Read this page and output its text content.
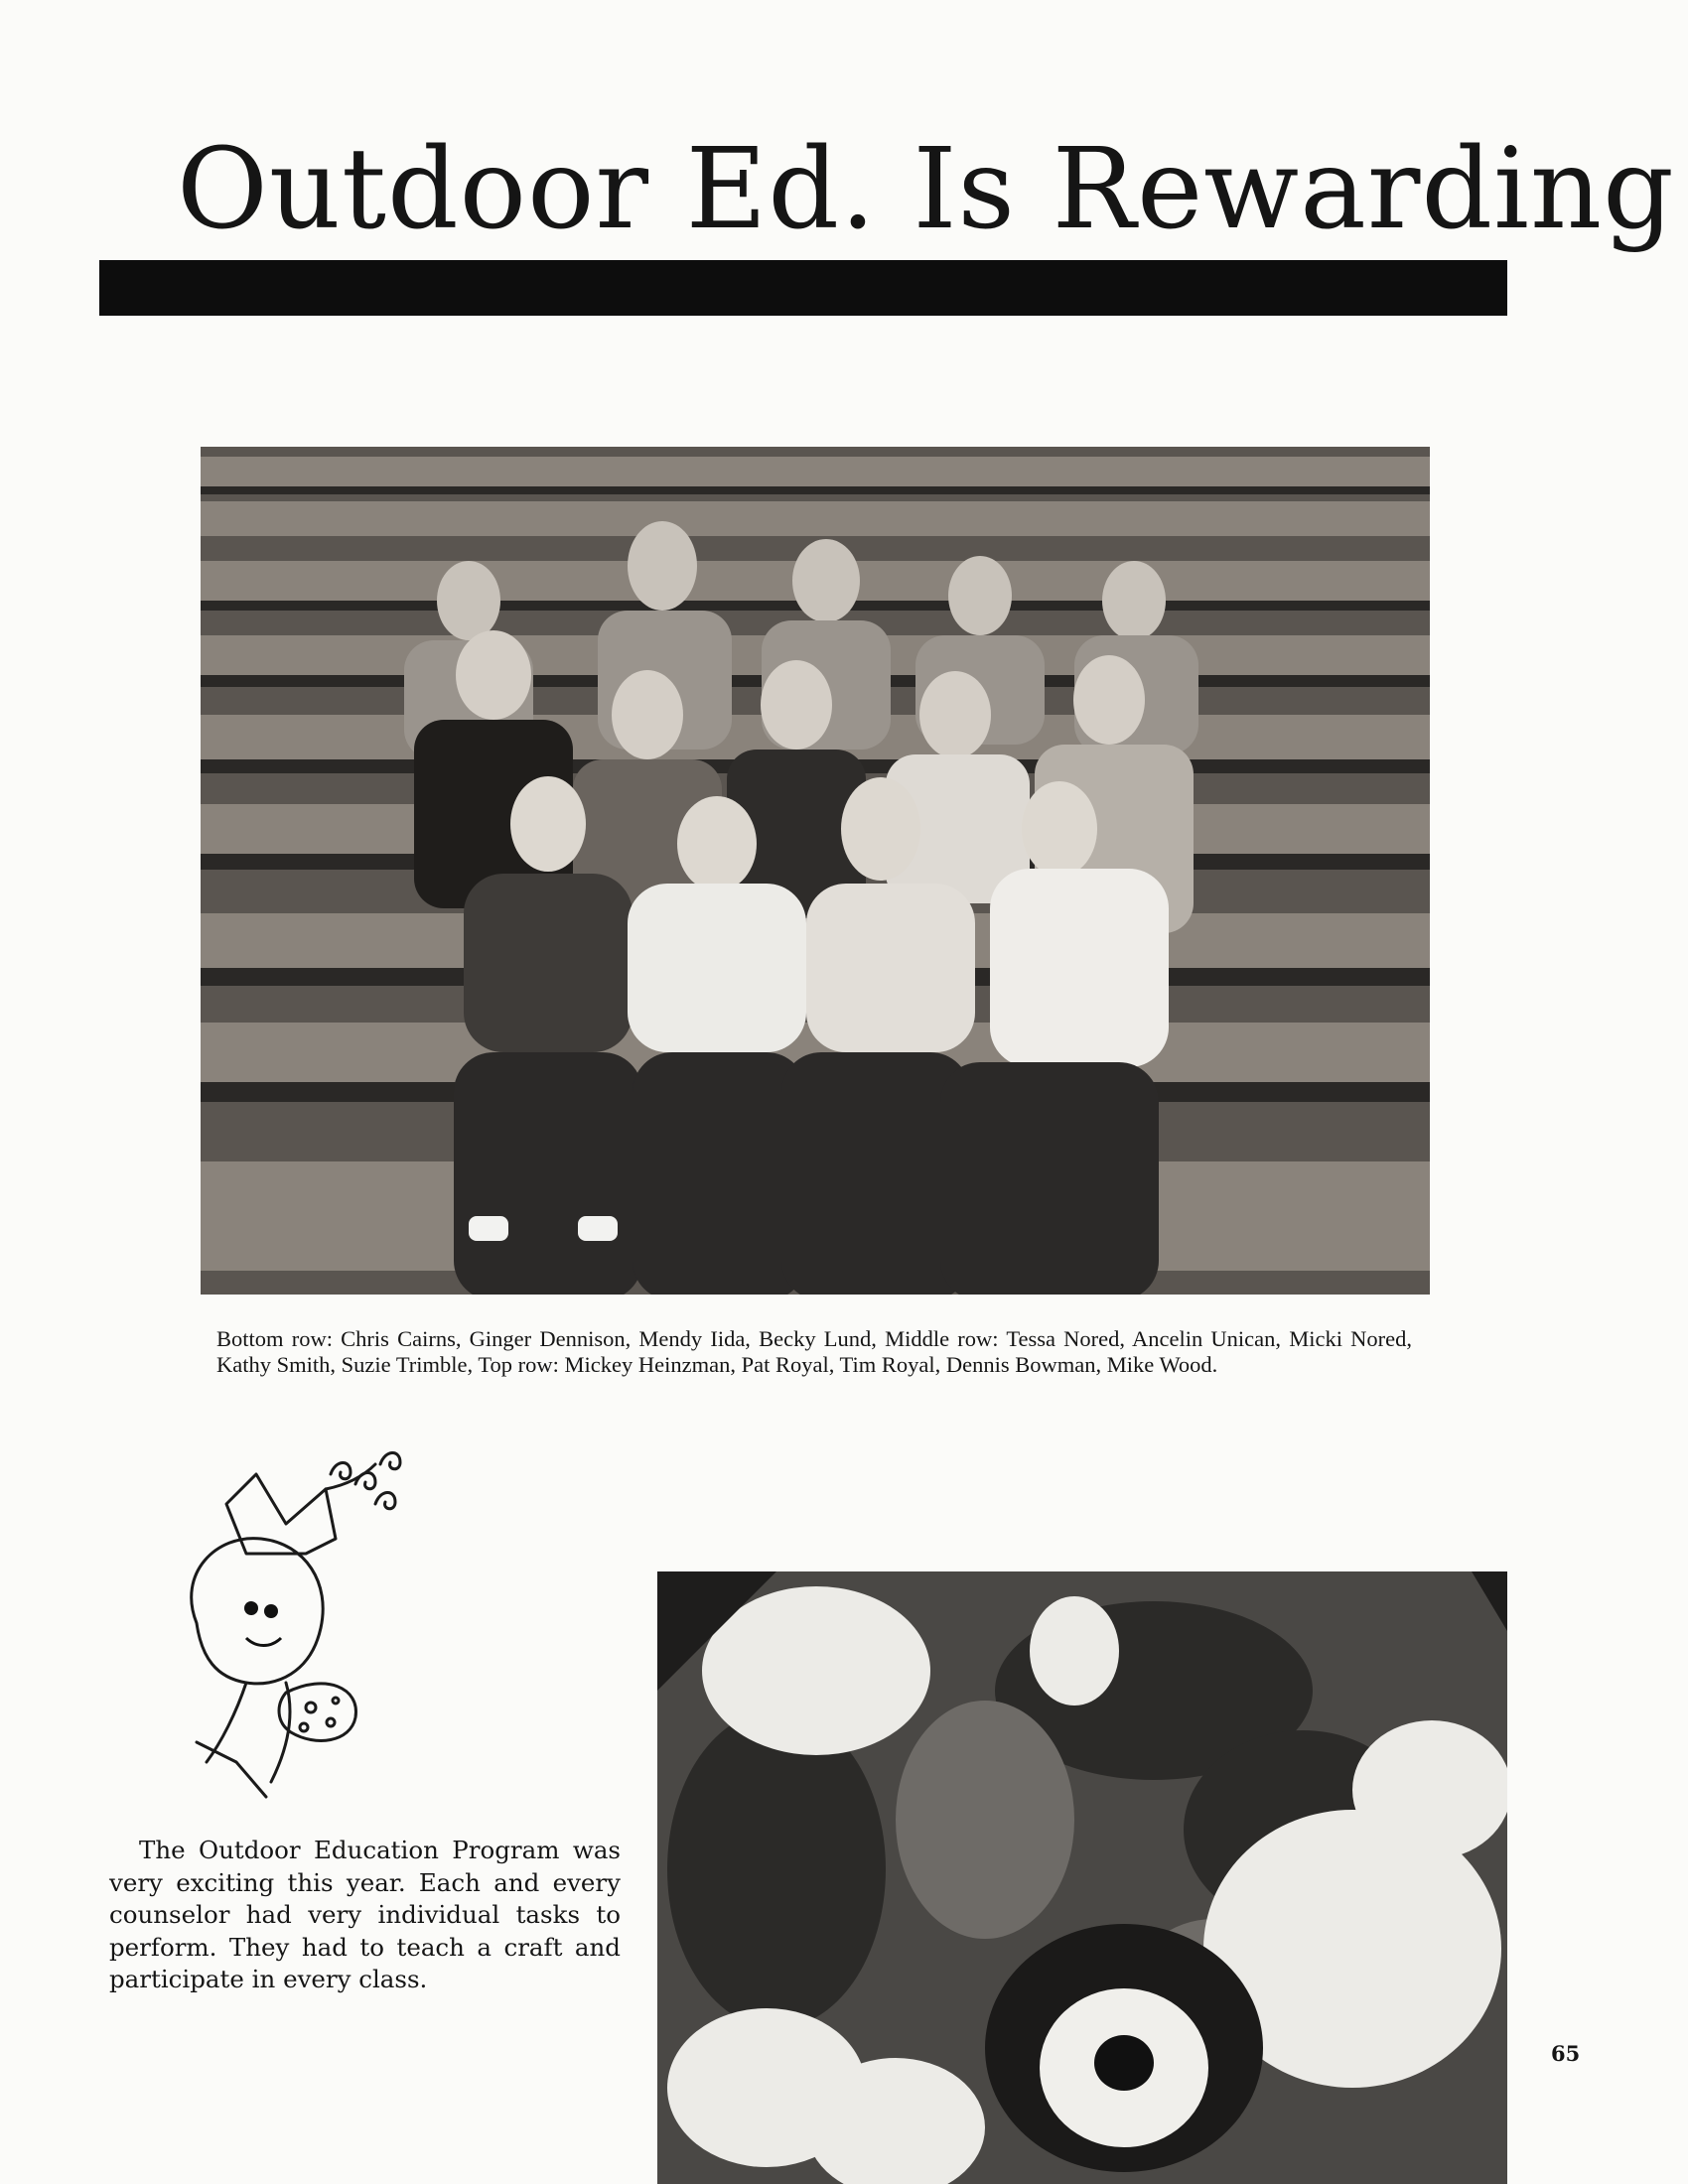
Outdoor Ed. Is Rewarding
Bottom row: Chris Cairns, Ginger Dennison, Mendy Iida, Becky Lund, Middle row: Tessa Nored, Ancelin Unican, Micki Nored, Kathy Smith, Suzie Trimble, Top row: Mickey Heinzman, Pat Royal, Tim Royal, Dennis Bowman, Mike Wood.
The Outdoor Education Program was very exciting this year. Each and every counselor had very individual tasks to perform. They had to teach a craft and participate in every class.
65
